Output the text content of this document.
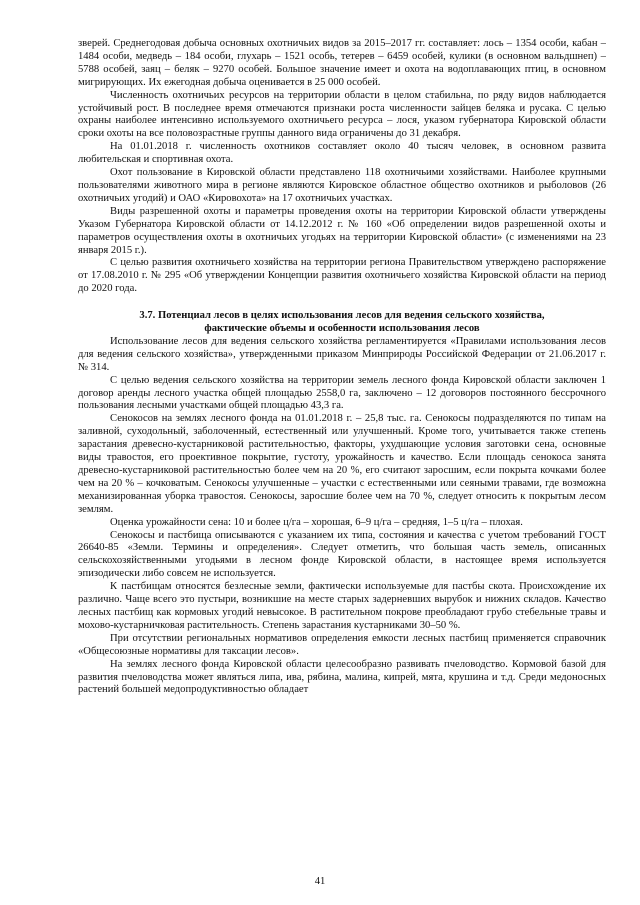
зверей. Среднегодовая добыча основных охотничьих видов за 2015–2017 гг. составляет: лось – 1354 особи, кабан – 1484 особи, медведь – 184 особи, глухарь – 1521 особь, тетерев – 6459 особей, кулики (в основном вальдшнеп) – 5788 особей, заяц – беляк – 9270 особей. Большое значение имеет и охота на водоплавающих птиц, в основном мигрирующих. Их ежегодная добыча оценивается в 25 000 особей.

Численность охотничьих ресурсов на территории области в целом стабильна, по ряду видов наблюдается устойчивый рост. В последнее время отмечаются признаки роста численности зайцев беляка и русака. С целью охраны наиболее интенсивно используемого охотничьего ресурса – лося, указом губернатора Кировской области сроки охоты на все половозрастные группы данного вида ограничены до 31 декабря.

На 01.01.2018 г. численность охотников составляет около 40 тысяч человек, в основном развита любительская и спортивная охота.

Охот пользование в Кировской области представлено 118 охотничьими хозяйствами. Наиболее крупными пользователями животного мира в регионе являются Кировское областное общество охотников и рыболовов (26 охотничьих угодий) и ОАО «Кировохота» на 17 охотничьих участках.

Виды разрешенной охоты и параметры проведения охоты на территории Кировской области утверждены Указом Губернатора Кировской области от 14.12.2012 г. № 160 «Об определении видов разрешенной охоты и параметров осуществления охоты в охотничьих угодьях на территории Кировской области» (с изменениями на 23 января 2015 г.).

С целью развития охотничьего хозяйства на территории региона Правительством утверждено распоряжение от 17.08.2010 г. № 295 «Об утверждении Концепции развития охотничьего хозяйства Кировской области на период до 2020 года.

3.7. Потенциал лесов в целях использования лесов для ведения сельского хозяйства,
фактические объемы и особенности использования лесов

Использование лесов для ведения сельского хозяйства регламентируется «Правилами использования лесов для ведения сельского хозяйства», утвержденными приказом Минприроды Российской Федерации от 21.06.2017 г. № 314.

С целью ведения сельского хозяйства на территории земель лесного фонда Кировской области заключен 1 договор аренды лесного участка общей площадью 2558,0 га, заключено – 12 договоров постоянного бессрочного пользования лесными участками общей площадью 43,3 га.

Сенокосов на землях лесного фонда на 01.01.2018 г. – 25,8 тыс. га. Сенокосы подразделяются по типам на заливной, суходольный, заболоченный, естественный или улучшенный. Кроме того, учитывается также степень зарастания древесно-кустарниковой растительностью, факторы, ухудшающие условия заготовки сена, основные виды травостоя, его проективное покрытие, густоту, урожайность и качество. Если площадь сенокоса занята древесно-кустарниковой растительностью более чем на 20 %, его считают заросшим, если покрыта кочками более чем на 20 % – кочковатым. Сенокосы улучшенные – участки с естественными или сеяными травами, где возможна механизированная уборка травостоя. Сенокосы, заросшие более чем на 70 %, следует относить к покрытым лесом землям.

Оценка урожайности сена: 10 и более ц/га – хорошая, 6–9 ц/га – средняя, 1–5 ц/га – плохая.

Сенокосы и пастбища описываются с указанием их типа, состояния и качества с учетом требований ГОСТ 26640-85 «Земли. Термины и определения». Следует отметить, что большая часть земель, описанных сельскохозяйственными угодьями в лесном фонде Кировской области, в настоящее время используется эпизодически либо совсем не используется.

К пастбищам относятся безлесные земли, фактически используемые для пастбы скота. Происхождение их различно. Чаще всего это пустыри, возникшие на месте старых задерневших вырубок и нижних складов. Качество лесных пастбищ как кормовых угодий невысокое. В растительном покрове преобладают грубо стебельные травы и мохово-кустарничковая растительность. Степень зарастания кустарниками 30–50 %.

При отсутствии региональных нормативов определения емкости лесных пастбищ применяется справочник «Общесоюзные нормативы для таксации лесов».

На землях лесного фонда Кировской области целесообразно развивать пчеловодство. Кормовой базой для развития пчеловодства может являться липа, ива, рябина, малина, кипрей, мята, крушина и т.д. Среди медоносных растений большей медопродуктивностью обладает

41
